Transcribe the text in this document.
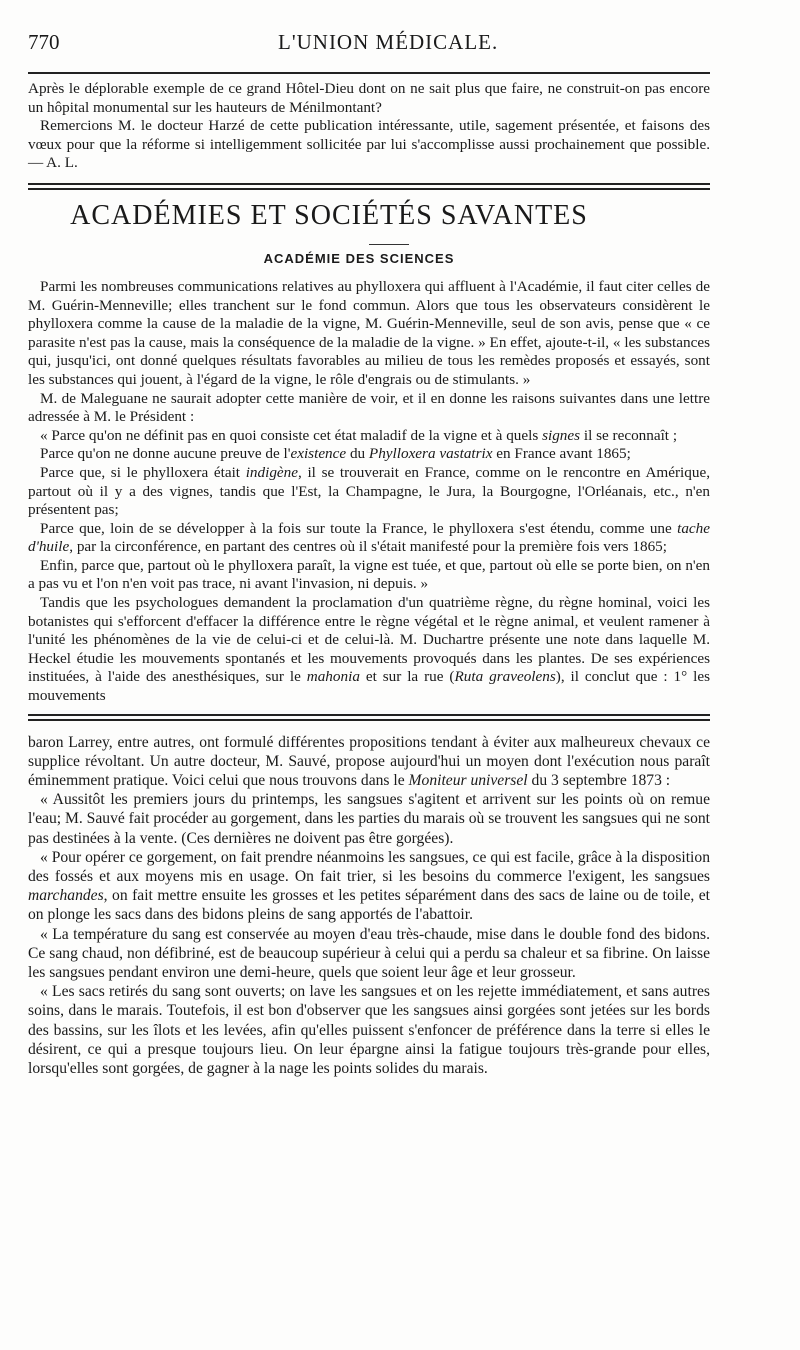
770	L'UNION MÉDICALE.

Après le déplorable exemple de ce grand Hôtel-Dieu dont on ne sait plus que faire, ne construit-on pas encore un hôpital monumental sur les hauteurs de Ménilmontant?

Remercions M. le docteur Harzé de cette publication intéressante, utile, sagement présentée, et faisons des vœux pour que la réforme si intelligemment sollicitée par lui s'accomplisse aussi prochainement que possible. — A. L.

ACADÉMIES ET SOCIÉTÉS SAVANTES
ACADÉMIE DES SCIENCES

Parmi les nombreuses communications relatives au phylloxera qui affluent à l'Académie, il faut citer celles de M. Guérin-Menneville; elles tranchent sur le fond commun. Alors que tous les observateurs considèrent le phylloxera comme la cause de la maladie de la vigne, M. Guérin-Menneville, seul de son avis, pense que « ce parasite n'est pas la cause, mais la conséquence de la maladie de la vigne. » En effet, ajoute-t-il, « les substances qui, jusqu'ici, ont donné quelques résultats favorables au milieu de tous les remèdes proposés et essayés, sont les substances qui jouent, à l'égard de la vigne, le rôle d'engrais ou de stimulants. »

M. de Maleguane ne saurait adopter cette manière de voir, et il en donne les raisons suivantes dans une lettre adressée à M. le Président :

« Parce qu'on ne définit pas en quoi consiste cet état maladif de la vigne et à quels signes il se reconnaît ;

Parce qu'on ne donne aucune preuve de l'existence du Phylloxera vastatrix en France avant 1865;

Parce que, si le phylloxera était indigène, il se trouverait en France, comme on le rencontre en Amérique, partout où il y a des vignes, tandis que l'Est, la Champagne, le Jura, la Bourgogne, l'Orléanais, etc., n'en présentent pas;

Parce que, loin de se développer à la fois sur toute la France, le phylloxera s'est étendu, comme une tache d'huile, par la circonférence, en partant des centres où il s'était manifesté pour la première fois vers 1865;

Enfin, parce que, partout où le phylloxera paraît, la vigne est tuée, et que, partout où elle se porte bien, on n'en a pas vu et l'on n'en voit pas trace, ni avant l'invasion, ni depuis. »

Tandis que les psychologues demandent la proclamation d'un quatrième règne, du règne hominal, voici les botanistes qui s'efforcent d'effacer la différence entre le règne végétal et le règne animal, et veulent ramener à l'unité les phénomènes de la vie de celui-ci et de celui-là. M. Duchartre présente une note dans laquelle M. Heckel étudie les mouvements spontanés et les mouvements provoqués dans les plantes. De ses expériences instituées, à l'aide des anesthésiques, sur le mahonia et sur la rue (Ruta graveolens), il conclut que : 1° les mouvements

baron Larrey, entre autres, ont formulé différentes propositions tendant à éviter aux malheureux chevaux ce supplice révoltant. Un autre docteur, M. Sauvé, propose aujourd'hui un moyen dont l'exécution nous paraît éminemment pratique. Voici celui que nous trouvons dans le Moniteur universel du 3 septembre 1873 :

« Aussitôt les premiers jours du printemps, les sangsues s'agitent et arrivent sur les points où on remue l'eau; M. Sauvé fait procéder au gorgement, dans les parties du marais où se trouvent les sangsues qui ne sont pas destinées à la vente. (Ces dernières ne doivent pas être gorgées).

« Pour opérer ce gorgement, on fait prendre néanmoins les sangsues, ce qui est facile, grâce à la disposition des fossés et aux moyens mis en usage. On fait trier, si les besoins du commerce l'exigent, les sangsues marchandes, on fait mettre ensuite les grosses et les petites séparément dans des sacs de laine ou de toile, et on plonge les sacs dans des bidons pleins de sang apportés de l'abattoir.

« La température du sang est conservée au moyen d'eau très-chaude, mise dans le double fond des bidons. Ce sang chaud, non défibriné, est de beaucoup supérieur à celui qui a perdu sa chaleur et sa fibrine. On laisse les sangsues pendant environ une demi-heure, quels que soient leur âge et leur grosseur.

« Les sacs retirés du sang sont ouverts; on lave les sangsues et on les rejette immédiatement, et sans autres soins, dans le marais. Toutefois, il est bon d'observer que les sangsues ainsi gorgées sont jetées sur les bords des bassins, sur les îlots et les levées, afin qu'elles puissent s'enfoncer de préférence dans la terre si elles le désirent, ce qui a presque toujours lieu. On leur épargne ainsi la fatigue toujours très-grande pour elles, lorsqu'elles sont gorgées, de gagner à la nage les points solides du marais.
